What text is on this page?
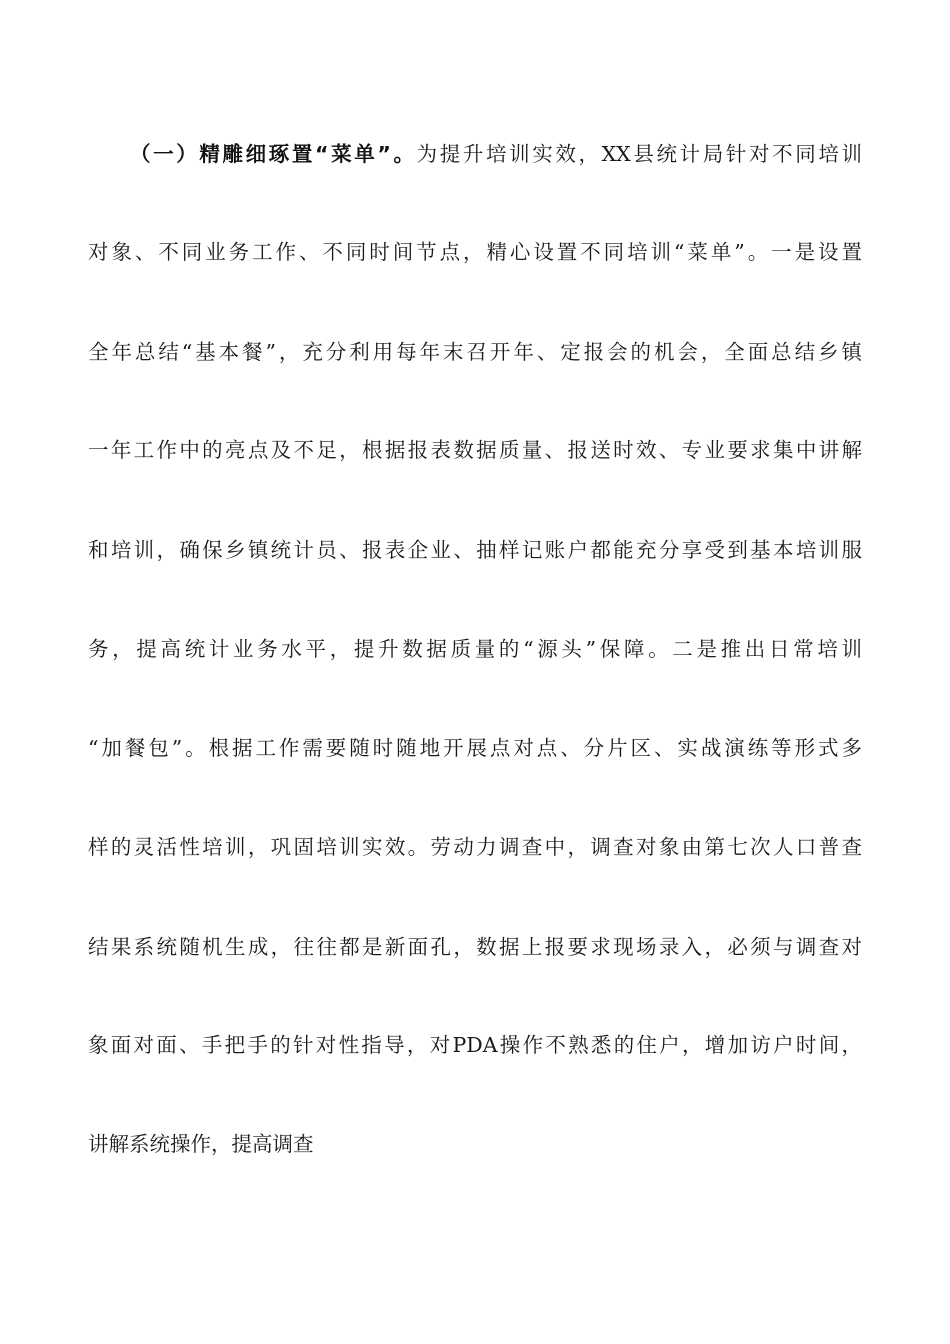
（一）精雕细琢置“菜单”。为提升培训实效，XX县统计局针对不同培训
对象、不同业务工作、不同时间节点，精心设置不同培训“菜单”。一是设置
全年总结“基本餐”，充分利用每年末召开年、定报会的机会，全面总结乡镇
一年工作中的亮点及不足，根据报表数据质量、报送时效、专业要求集中讲解
和培训，确保乡镇统计员、报表企业、抽样记账户都能充分享受到基本培训服
务，提高统计业务水平，提升数据质量的“源头”保障。二是推出日常培训
“加餐包”。根据工作需要随时随地开展点对点、分片区、实战演练等形式多
样的灵活性培训，巩固培训实效。劳动力调查中，调查对象由第七次人口普查
结果系统随机生成，往往都是新面孔，数据上报要求现场录入，必须与调查对
象面对面、手把手的针对性指导，对PDA操作不熟悉的住户，增加访户时间，
讲解系统操作，提高调查
